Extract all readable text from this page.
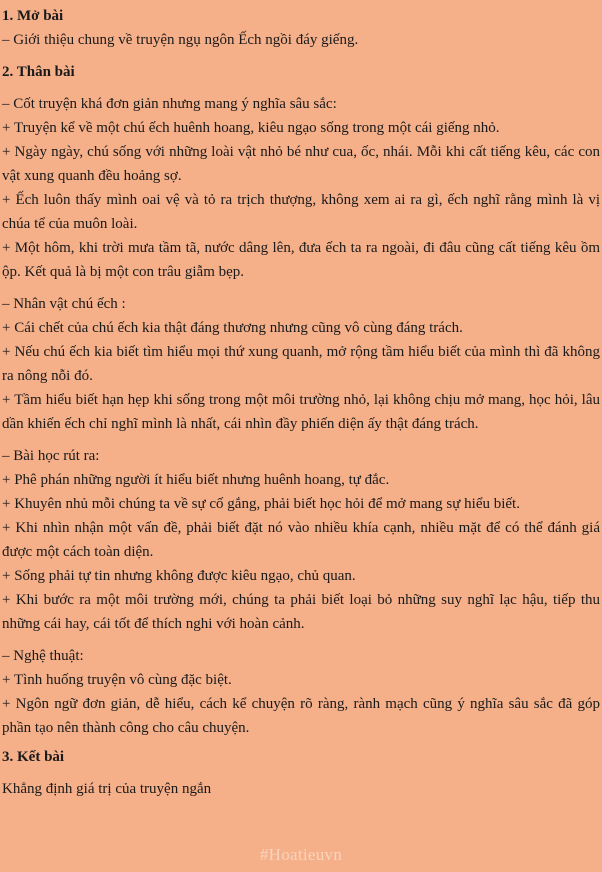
1. Mở bài

– Giới thiệu chung về truyện ngụ ngôn Ếch ngồi đáy giếng.

2. Thân bài

– Cốt truyện khá đơn giản nhưng mang ý nghĩa sâu sắc:

+ Truyện kể về một chú ếch huênh hoang, kiêu ngạo sống trong một cái giếng nhỏ.

+ Ngày ngày, chú sống với những loài vật nhỏ bé như cua, ốc, nhái. Mỗi khi cất tiếng kêu, các con vật xung quanh đều hoảng sợ.

+ Ếch luôn thấy mình oai vệ và tỏ ra trịch thượng, không xem ai ra gì, ếch nghĩ rằng mình là vị chúa tể của muôn loài.

+ Một hôm, khi trời mưa tầm tã, nước dâng lên, đưa ếch ta ra ngoài, đi đâu cũng cất tiếng kêu ồm ộp. Kết quả là bị một con trâu giẫm bẹp.

– Nhân vật chú ếch :

+ Cái chết của chú ếch kia thật đáng thương nhưng cũng vô cùng đáng trách.

+ Nếu chú ếch kia biết tìm hiểu mọi thứ xung quanh, mở rộng tầm hiểu biết của mình thì đã không ra nông nỗi đó.

+ Tầm hiểu biết hạn hẹp khi sống trong một môi trường nhỏ, lại không chịu mở mang, học hỏi, lâu dần khiến ếch chỉ nghĩ mình là nhất, cái nhìn đầy phiến diện ấy thật đáng trách.

– Bài học rút ra:

+ Phê phán những người ít hiểu biết nhưng huênh hoang, tự đắc.

+ Khuyên nhủ mỗi chúng ta về sự cố gắng, phải biết học hỏi để mở mang sự hiểu biết.

+ Khi nhìn nhận một vấn đề, phải biết đặt nó vào nhiều khía cạnh, nhiều mặt để có thể đánh giá được một cách toàn diện.

+ Sống phải tự tin nhưng không được kiêu ngạo, chủ quan.

+ Khi bước ra một môi trường mới, chúng ta phải biết loại bỏ những suy nghĩ lạc hậu, tiếp thu những cái hay, cái tốt để thích nghi với hoàn cảnh.

– Nghệ thuật:

+ Tình huống truyện vô cùng đặc biệt.

+ Ngôn ngữ đơn giản, dễ hiểu, cách kể chuyện rõ ràng, rành mạch cũng ý nghĩa sâu sắc đã góp phần tạo nên thành công cho câu chuyện.

3. Kết bài

Khẳng định giá trị của truyện ngắn

#Hoatieuvn
